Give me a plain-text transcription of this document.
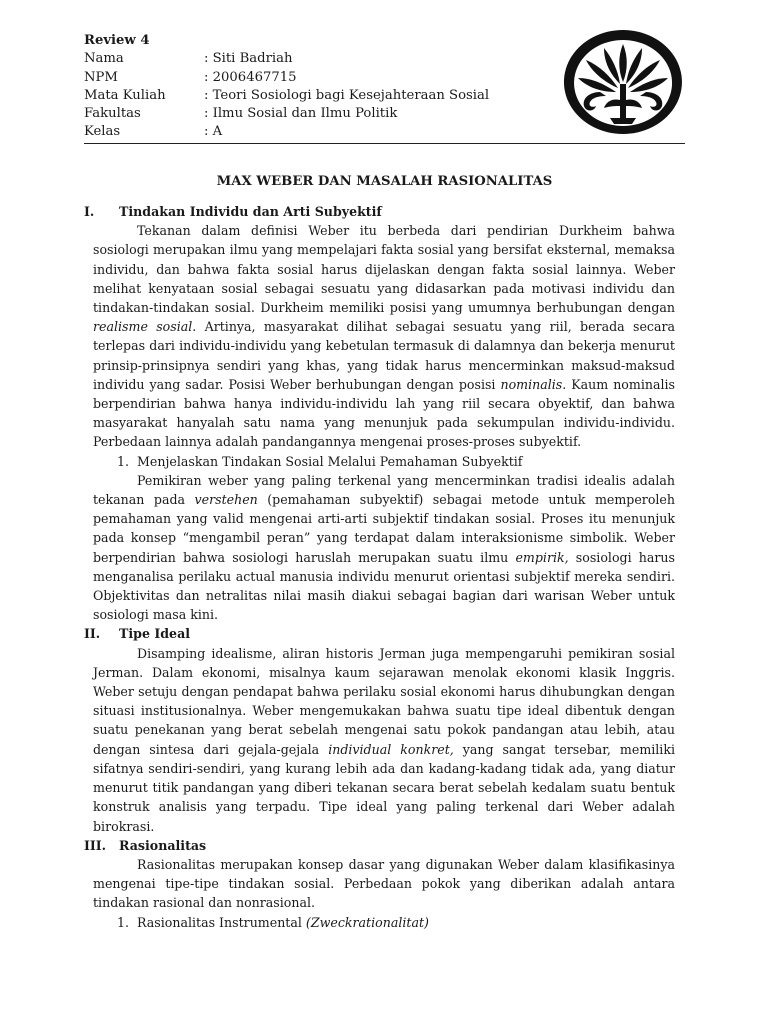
Review 4
Nama	: Siti Badriah
NPM	: 2006467715
Mata Kuliah	: Teori Sosiologi bagi Kesejahteraan Sosial
Fakultas	: Ilmu Sosial dan Ilmu Politik
Kelas	: A
MAX WEBER DAN MASALAH RASIONALITAS
I.	Tindakan Individu dan Arti Subyektif

Tekanan dalam definisi Weber itu berbeda dari pendirian Durkheim bahwa sosiologi merupakan ilmu yang mempelajari fakta sosial yang bersifat eksternal, memaksa individu, dan bahwa fakta sosial harus dijelaskan dengan fakta sosial lainnya. Weber melihat kenyataan sosial sebagai sesuatu yang didasarkan pada motivasi individu dan tindakan-tindakan sosial. Durkheim memiliki posisi yang umumnya berhubungan dengan realisme sosial. Artinya, masyarakat dilihat sebagai sesuatu yang riil, berada secara terlepas dari individu-individu yang kebetulan termasuk di dalamnya dan bekerja menurut prinsip-prinsipnya sendiri yang khas, yang tidak harus mencerminkan maksud-maksud individu yang sadar. Posisi Weber berhubungan dengan posisi nominalis. Kaum nominalis berpendirian bahwa hanya individu-individu lah yang riil secara obyektif, dan bahwa masyarakat hanyalah satu nama yang menunjuk pada sekumpulan individu-individu. Perbedaan lainnya adalah pandangannya mengenai proses-proses subyektif.

1. Menjelaskan Tindakan Sosial Melalui Pemahaman Subyektif

Pemikiran weber yang paling terkenal yang mencerminkan tradisi idealis adalah tekanan pada verstehen (pemahaman subyektif) sebagai metode untuk memperoleh pemahaman yang valid mengenai arti-arti subjektif tindakan sosial. Proses itu menunjuk pada konsep “mengambil peran” yang terdapat dalam interaksionisme simbolik. Weber berpendirian bahwa sosiologi haruslah merupakan suatu ilmu empirik, sosiologi harus menganalisa perilaku actual manusia individu menurut orientasi subjektif mereka sendiri. Objektivitas dan netralitas nilai masih diakui sebagai bagian dari warisan Weber untuk sosiologi masa kini.

II.	Tipe Ideal

Disamping idealisme, aliran historis Jerman juga mempengaruhi pemikiran sosial Jerman. Dalam ekonomi, misalnya kaum sejarawan menolak ekonomi klasik Inggris. Weber setuju dengan pendapat bahwa perilaku sosial ekonomi harus dihubungkan dengan situasi institusionalnya. Weber mengemukakan bahwa suatu tipe ideal dibentuk dengan suatu penekanan yang berat sebelah mengenai satu pokok pandangan atau lebih, atau dengan sintesa dari gejala-gejala individual konkret, yang sangat tersebar, memiliki sifatnya sendiri-sendiri, yang kurang lebih ada dan kadang-kadang tidak ada, yang diatur menurut titik pandangan yang diberi tekanan secara berat sebelah kedalam suatu bentuk konstruk analisis yang terpadu. Tipe ideal yang paling terkenal dari Weber adalah birokrasi.

III.	Rasionalitas

Rasionalitas merupakan konsep dasar yang digunakan Weber dalam klasifikasinya mengenai tipe-tipe tindakan sosial. Perbedaan pokok yang diberikan adalah antara tindakan rasional dan nonrasional.

1. Rasionalitas Instrumental (Zweckrationalitat)
